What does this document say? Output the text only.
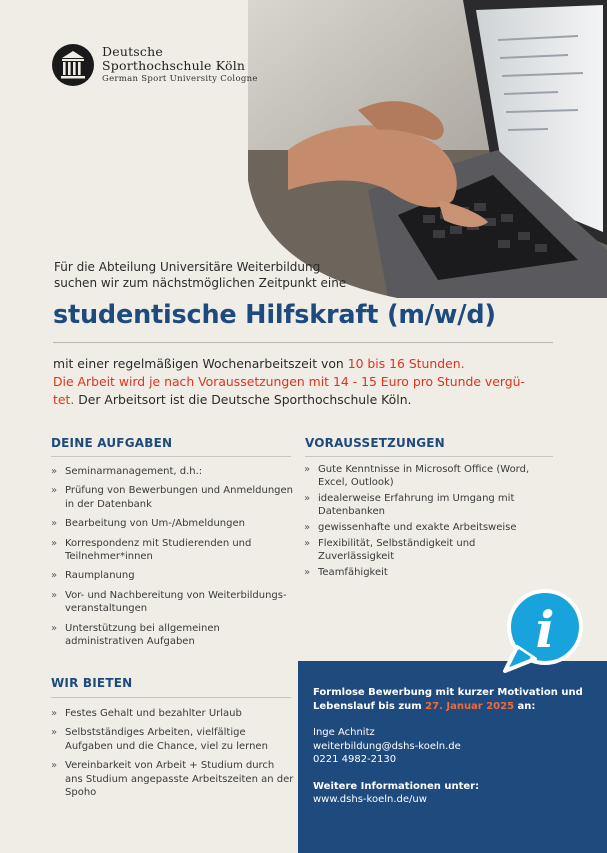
Deutsche
Sporthochschule Köln
German Sport University Cologne
Für die Abteilung Universitäre Weiterbildung
suchen wir zum nächstmöglichen Zeitpunkt eine
studentische Hilfskraft (m/w/d)
mit einer regelmäßigen Wochenarbeitszeit von 10 bis 16 Stunden.
Die Arbeit wird je nach Voraussetzungen mit 14 - 15 Euro pro Stunde vergü-
tet. Der Arbeitsort ist die Deutsche Sporthochschule Köln.
DEINE AUFGABEN
» Seminarmanagement, d.h.:
» Prüfung von Bewerbungen und Anmeldungen in der Datenbank
» Bearbeitung von Um-/Abmeldungen
» Korrespondenz mit Studierenden und Teilnehmer*innen
» Raumplanung
» Vor- und Nachbereitung von Weiterbildungs-veranstaltungen
» Unterstützung bei allgemeinen administrativen Aufgaben
WIR BIETEN
» Festes Gehalt und bezahlter Urlaub
» Selbstständiges Arbeiten, vielfältige Aufgaben und die Chance, viel zu lernen
» Vereinbarkeit von Arbeit + Studium durch ans Studium angepasste Arbeitszeiten an der Spoho
VORAUSSETZUNGEN
» Gute Kenntnisse in Microsoft Office (Word, Excel, Outlook)
» idealerweise Erfahrung im Umgang mit Datenbanken
» gewissenhafte und exakte Arbeitsweise
» Flexibilität, Selbständigkeit und Zuverlässigkeit
» Teamfähigkeit
i

Formlose Bewerbung mit kurzer Motivation und

Lebenslauf bis zum 27. Januar 2025 an:

Inge Achnitz

weiterbildung@dshs-koeln.de

0221 4982-2130

Weitere Informationen unter:

www.dshs-koeln.de/uw
